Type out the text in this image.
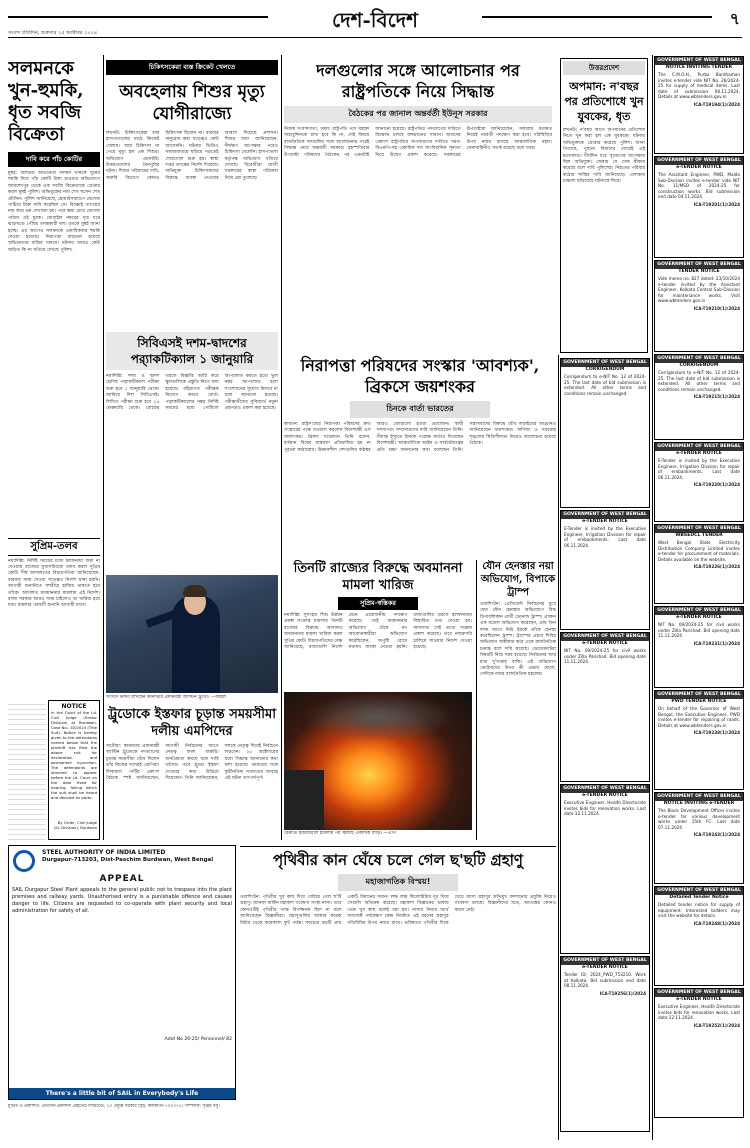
দেশ-বিদেশ	৭
সংবাদ প্রতিদিন, শুক্রবার ২৫ অক্টোবর ২০২৪
সলমনকে খুন-হুমকি, ধৃত সবজি বিক্রেতা
দাবি করে পাঁচ কোটির
মুম্বই: বলিউড অভিনেতা সলমন খানকে খুনের হুমকি দিয়ে পাঁচ কোটি টাকা চাওয়ার অভিযোগে জামশেদপুর থেকে এক সবজি বিক্রেতাকে গ্রেপ্তার করল মুম্বই পুলিশ। অভিযুক্তের নাম শেখ হুসেন শেখ মৌসিন। পুলিশ জানিয়েছে, হোয়াটসঅ্যাপে মেসেজ পাঠিয়ে টাকা দাবি করেছিল সে। বিষ্ণোই গ্যাংয়ের নাম করে ভয় দেখানো হয়। পরে ক্ষমা চেয়ে মেসেজ পাঠায় ওই যুবক। মোবাইল নম্বরের সূত্র ধরে ঝাড়খণ্ডে পৌঁছয় তদন্তকারী দল। ধৃতকে মুম্বই আনা হচ্ছে। এর আগেও সলমনকে একাধিকবার হুমকি দেওয়া হয়েছে। নিরাপত্তা বাড়ানো হয়েছে অভিনেতার বাড়ির সামনে। ঘটনায় আরও কেউ জড়িত কি না খতিয়ে দেখছে পুলিশ।
সুপ্রিম-তলব
নয়াদিল্লি: নির্দিষ্ট সময়ের মধ্যে হলফনামা জমা না দেওয়ায় রাজ্যের মুখ্যসচিবকে তলব করল সুপ্রিম কোর্ট। শীর্ষ আদালতের বিচারপতিরা জানিয়েছেন, বারবার সময় দেওয়া সত্ত্বেও নির্দেশ মানা হয়নি। আগামী শুনানিতে সশরীরে হাজির থাকতে হবে তাঁকে। আদালত অবমাননার মামলায় এই নির্দেশ। রাজ্য সরকার আরও সময় চাইলেও তা খারিজ হয়ে যায়। মামলার পরবর্তী শুনানি আগামী মাসে।
NOTICE
In the Court of the Ld. Civil Judge (Senior Division) at Burdwan. Case No.: 45/2024 (Title Suit). Notice is hereby given to the defendants named below that the plaintiff has filed the above suit for declaration and permanent injunction. The defendants are directed to appear before the Ld. Court on the date fixed for hearing, failing which the suit shall be heard and decided ex parte.
By Order, Civil Judge (Sr. Division), Burdwan
STEEL AUTHORITY OF INDIA LIMITED
Durgapur-713203, Dist-Paschim Burdwan, West Bengal
APPEAL
SAIL Durgapur Steel Plant appeals to the general public not to trespass into the plant premises and railway yards. Unauthorised entry is a punishable offence and causes danger to life. Citizens are requested to co-operate with plant security and local administration for safety of all.
Advt No 26-25/ Personnel/ 82
There's a little bit of SAIL in Everybody's Life
চিকিৎসকেরা ব্যস্ত ক্রিকেট খেলতে
অবহেলায় শিশুর মৃত্যু যোগীরাজ্যে
লখনউ: চিকিৎসকেরা ব্যস্ত হাসপাতালের মাঠে ক্রিকেট খেলায়। আর চিকিৎসা না পেয়ে মৃত্যু হল এক শিশুর। অভিযোগ এমনটাই। উত্তরপ্রদেশের মৈনপুরির ঘটনা। শিশুর পরিবারের দাবি, জরুরি বিভাগে কোনও চিকিৎসক ছিলেন না। বারবার অনুরোধ করা সত্ত্বেও কেউ আসেননি। ঘটনার ভিডিও সমাজমাধ্যমে ছড়িয়ে পড়তেই শোরগোল শুরু হয়। স্বাস্থ্য দপ্তর তদন্তের নির্দেশ দিয়েছে। অভিযুক্ত চিকিৎসকদের বিরুদ্ধে ব্যবস্থা নেওয়ার আশ্বাস দিয়েছে প্রশাসন। শিশুর বাবা জানিয়েছেন, দীর্ঘক্ষণ অপেক্ষার পরেও চিকিৎসা মেলেনি। হাসপাতাল কর্তৃপক্ষ অভিযোগ খতিয়ে দেখছে। বিরোধীরা যোগী সরকারের স্বাস্থ্য পরিষেবা নিয়ে প্রশ্ন তুলেছে।
সিবিএসই দশম-দ্বাদশের প্র‍্যাকটিক্যাল ১ জানুয়ারি
নয়াদিল্লি: দশম ও দ্বাদশ শ্রেণির প্র‍্যাকটিক্যাল পরীক্ষা শুরু হবে ১ জানুয়ারি থেকে। জানিয়ে দিল সিবিএসই। লিখিত পরীক্ষা শুরু হবে ১৫ ফেব্রুয়ারি থেকে। বোর্ডের তরফে বিজ্ঞপ্তি জারি করে স্কুলগুলিকে প্রস্তুতি নিতে বলা হয়েছে। বহিরাগত পরীক্ষক নিয়োগ করবে বোর্ড। প্র‍্যাকটিক্যালের নম্বর নির্দিষ্ট সময়ের মধ্যে পোর্টালে আপলোড করতে হবে। ভুল নম্বর আপলোড হলে সংশোধনের সুযোগ মিলবে না বলে জানানো হয়েছে। পরীক্ষার্থীদের সুবিধার্থে নমুনা প্রশ্নপত্রও প্রকাশ করা হয়েছে।
সংসদে ভাষণ রাখছেন কানাডার প্রধানমন্ত্রী জাস্টিন ট্রুডো। —ফাইল
ট্রুডোকে ইস্তফার চূড়ান্ত সময়সীমা দলীয় এমপিদের
অটোয়া: কানাডার প্রধানমন্ত্রী জাস্টিন ট্রুডোকে পদত্যাগের চূড়ান্ত সময়সীমা বেঁধে দিলেন তাঁর নিজের দলেরই এমপিরা। লিবারাল পার্টির একাংশ বৈঠকে স্পষ্ট জানিয়েছেন, আগামী নির্বাচনের আগে নেতৃত্ব বদল জরুরি। জনপ্রিয়তা কমছে বলে দাবি তাঁদের। তবে ট্রুডো ইস্তফা দেওয়ার কথা উড়িয়ে দিয়েছেন। তিনি জানিয়েছেন, দলকে নেতৃত্ব দিয়েই নির্বাচনে লড়বেন। ২৮ অক্টোবরের মধ্যে সিদ্ধান্ত জানানোর কথা বলা হয়েছে। ভারতের সঙ্গে কূটনৈতিক সংঘাতের আবহে এই ঘটনা তাৎপর্যপূর্ণ।
দলগুলোর সঙ্গে আলোচনার পর রাষ্ট্রপতিকে নিয়ে সিদ্ধান্ত
বৈঠকের পর জানাল অন্তর্বর্তী ইউনূস সরকার
নিজস্ব সংবাদদাতা, ঢাকা: রাষ্ট্রপতি পদে মহম্মদ সাহাবুদ্দিনকে রাখা হবে কি না, সেই বিষয়ে রাজনৈতিক দলগুলির সঙ্গে আলোচনার পরেই সিদ্ধান্ত নেবে অন্তর্বর্তী সরকার। বৃহস্পতিবার উপদেষ্টা পরিষদের বৈঠকের পর এমনটাই জানানো হয়েছে। রাষ্ট্রপতির পদত্যাগের দাবিতে বিক্ষোভ চলছে বঙ্গভবনের সামনে। ছাত্রদের একাংশ রাষ্ট্রপতির অপসারণের দাবিতে সরব। বিএনপি-সহ একাধিক দল সাংবিধানিক শূন্যতা নিয়ে উদ্বেগ প্রকাশ করেছে। সরকারের উপদেষ্টারা জানিয়েছেন, সকলের মতামত নিয়েই পরবর্তী পদক্ষেপ করা হবে। পরিস্থিতির উপর নজর রাখছে আন্তর্জাতিক মহল। সেনাবাহিনীও সতর্ক রয়েছে বলে খবর।
উত্তরপ্রদেশ
অপমান: ন'বছর পর প্রতিশোধে খুন যুবকের, ধৃত
লখনউ: ন'বছর আগে অপমানের প্রতিশোধ নিতে খুন করা হল এক যুবককে। ঘটনায় অভিযুক্তকে গ্রেপ্তার করেছে পুলিশ। জানা গিয়েছে, পুরনো বিবাদের জেরেই এই হত্যাকাণ্ড। দীর্ঘদিন ধরে সুযোগের অপেক্ষায় ছিল অভিযুক্ত। জেরায় সে দোষ স্বীকার করেছে বলে দাবি পুলিশের। নিহতের পরিবার কঠোর শাস্তির দাবি জানিয়েছে। এলাকায় চাঞ্চল্য ছড়িয়েছে ঘটনাকে ঘিরে।
নিরাপত্তা পরিষদের সংস্কার 'আবশ্যক', ব্রিকসে জয়শংকর
চিনকে বার্তা ভারতের
কাজান: রাষ্ট্রসংঘের নিরাপত্তা পরিষদের দ্রুত সংস্কারের পক্ষে সওয়াল করলেন বিদেশমন্ত্রী এস জয়শংকর। ব্রিকস সম্মেলনে তিনি বলেন, বর্তমান বিশ্বের বাস্তবতা প্রতিফলিত হয় না পুরনো কাঠামোয়। উন্নয়নশীল দেশগুলির কণ্ঠস্বর আরও জোরালো হওয়া প্রয়োজন। স্থায়ী সদস্যপদে সম্প্রসারণের দাবি জানিয়েছেন তিনি। সীমান্ত ইস্যুতে চিনকে পরোক্ষ বার্তাও দিয়েছেন বিদেশমন্ত্রী। আন্তর্জাতিক আইন ও সার্বভৌমত্বের প্রতি শ্রদ্ধা জানানোর কথা বলেছেন তিনি। সন্ত্রাসবাদের বিরুদ্ধে যৌথ লড়াইয়ের আহ্বানও জানিয়েছেন জয়শংকর। বাণিজ্য ও সরবরাহ শৃঙ্খলের স্থিতিশীলতা নিয়েও আলোচনা হয়েছে বৈঠকে।
তিনটি রাজ্যের বিরুদ্ধে অবমাননা মামলা খারিজ
সুপ্রিম-স্বস্তিকর
নয়াদিল্লি: সুসংহত শিশু উন্নয়ন প্রকল্প সংক্রান্ত মামলায় তিনটি রাজ্যের বিরুদ্ধে আদালত অবমাননার মামলা খারিজ করল সুপ্রিম কোর্ট। বিচারপতিদের বেঞ্চ জানিয়েছে, রাজ্যগুলি নির্দেশ মেনে প্রয়োজনীয় পদক্ষেপ করেছে। তাই অবমাননার অভিযোগ টেকে না। আবেদনকারীরা অভিযোগ করেছিলেন, অপুষ্টি রোধে যথাযথ ব্যবস্থা নেওয়া হয়নি। রাজ্যগুলির তরফে হলফনামায় বিস্তারিত তথ্য দেওয়া হয়। আদালত সেই তথ্যে সন্তোষ প্রকাশ করেছে। তবে নজরদারি চালিয়ে যাওয়ার নির্দেশ দেওয়া হয়েছে।
যৌন হেনস্তার নয়া অভিযোগ, বিপাকে ট্রাম্প
ওয়াশিংটন: প্রেসিডেন্ট নির্বাচনের মুখে ফের যৌন হেনস্তার অভিযোগে বিদ্ধ রিপাবলিকান প্রার্থী ডোনাল্ড ট্রাম্প। প্রাক্তন এক মডেল অভিযোগ করেছেন, প্রায় তিন দশক আগে নিউ ইয়র্কে তাঁকে হেনস্তা করেছিলেন ট্রাম্প। ট্রাম্পের প্রচার শিবির অভিযোগ অস্বীকার করে একে রাজনৈতিক চক্রান্ত বলে দাবি করেছে। ডেমোক্র্যাটরা বিষয়টি নিয়ে সরব হয়েছে। নির্বাচনের আর মাত্র দু'সপ্তাহ বাকি। এই অভিযোগ ভোটারদের উপর কী প্রভাব ফেলে, সেদিকে নজর রাজনৈতিক মহলের।
বৈরুতে ইজরায়েলি হামলার পর জ্বলছে একাধিক বাড়ি। —এপি
পৃথিবীর কান ঘেঁষে চলে গেল ছ'ছটি গ্রহাণু
মহাজাগতিক বিস্ময়!
ওয়াশিংটন: পৃথিবীর খুব কাছ দিয়ে বেরিয়ে গেল ছ'টি গ্রহাণু। জানাল মার্কিন মহাকাশ গবেষণা সংস্থা নাসা। তবে কোনওটিই পৃথিবীর পক্ষে বিপজ্জনক ছিল না বলে জানিয়েছেন বিজ্ঞানীরা। গ্রহাণুগুলির আকার কয়েক মিটার থেকে কয়েকশো ফুট পর্যন্ত। সবচেয়ে বড়টি প্রায় একটি বিমানের সমান। লক্ষ লক্ষ কিলোমিটার দূর দিয়ে সেগুলি অতিক্রম করেছে। মহাকাশ বিজ্ঞানের ভাষায় একে খুব কাছ বলেই ধরা হয়। নাসার নিয়ার আর্থ অবজেক্ট পর্যবেক্ষণ কেন্দ্র নিয়মিত এই ধরনের গ্রহাণুর গতিবিধির উপর নজর রাখে। ভবিষ্যতে পৃথিবীর দিকে ধেয়ে আসা গ্রহাণুর অভিমুখ বদলানোর প্রযুক্তি নিয়েও গবেষণা চলছে। বিজ্ঞানীদের মতে, আতঙ্কের কোনও কারণ নেই।
মুদ্রিত ও প্রকাশিত: প্রতিদিন প্রকাশনী প্রাইভেট লিমিটেড, ২০ প্রফুল্ল সরকার স্ট্রিট, কলকাতা-৭০০০৭২। সম্পাদক: সৃঞ্জয় বসু।
GOVERNMENT OF WEST BENGAL
NOTICE INVITING TENDER
The C.M.O.H., Purba Bardhaman invites e-tender vide NIT No. 26/2024-25 for supply of medical items. Last date of submission 08.11.2024. Details at www.wbtenders.gov.in
ICA-T19194(1)/2024
GOVERNMENT OF WEST BENGAL
e-TENDER NOTICE
The Assistant Engineer, PWD, Malda Sub-Division invites e-tender vide NIT No. 11/MSD of 2024-25 for construction works. Bid submission end date 04.11.2024.
ICA-T19201(1)/2024
GOVERNMENT OF WEST BENGAL
TENDER NOTICE
Vide memo no. 827 dated: 23/10/2024 e-tender invited by the Assistant Engineer, Kolkata Central Sub-Division for maintenance works. Visit www.wbtenders.gov.in
ICA-T19210(1)/2024
GOVERNMENT OF WEST BENGAL
CORRIGENDUM
Corrigendum to e-NIT No. 12 of 2024-25. The last date of bid submission is extended. All other terms and conditions remain unchanged.
ICA-T19215(1)/2024
GOVERNMENT OF WEST BENGAL
e-TENDER NOTICE
E-Tender is invited by the Executive Engineer, Irrigation Division for repair of embankments. Last date 06.11.2024.
ICA-T19220(1)/2024
GOVERNMENT OF WEST BENGAL
WBSEDCL TENDER
West Bengal State Electricity Distribution Company Limited invites e-tender for procurement of materials. Details available on the website.
ICA-T19226(1)/2024
GOVERNMENT OF WEST BENGAL
e-TENDER NOTICE
NIT No. 09/2024-25 for civil works under Zilla Parishad. Bid opening date 11.11.2024.
ICA-T19231(1)/2024
GOVERNMENT OF WEST BENGAL
PWD TENDER NOTICE
On behalf of the Governor of West Bengal, the Executive Engineer, PWD invites e-tender for repairing of roads. Details at www.wbtenders.gov.in
ICA-T19238(1)/2024
GOVERNMENT OF WEST BENGAL
NOTICE INVITING e-TENDER
The Block Development Officer invites e-tender for various development works under 15th FC. Last date 07.11.2024.
ICA-T19243(1)/2024
GOVERNMENT OF WEST BENGAL
Detailed Tender Notice
Detailed tender notice for supply of equipment. Interested bidders may visit the website for details.
ICA-T19248(1)/2024
GOVERNMENT OF WEST BENGAL
e-TENDER NOTICE
Executive Engineer, Health Directorate invites bids for renovation works. Last date 12.11.2024.
ICA-T19252(1)/2024
GOVERNMENT OF WEST BENGAL
CORRIGENDUM
Corrigendum to e-NIT No. 12 of 2024-25. The last date of bid submission is extended. All other terms and conditions remain unchanged.
GOVERNMENT OF WEST BENGAL
e-TENDER NOTICE
E-Tender is invited by the Executive Engineer, Irrigation Division for repair of embankments. Last date 06.11.2024.
GOVERNMENT OF WEST BENGAL
e-TENDER NOTICE
NIT No. 09/2024-25 for civil works under Zilla Parishad. Bid opening date 11.11.2024.
GOVERNMENT OF WEST BENGAL
e-TENDER NOTICE
Executive Engineer, Health Directorate invites bids for renovation works. Last date 12.11.2024.
GOVERNMENT OF WEST BENGAL
e-TENDER NOTICE
Tender ID: 2024_PWD_753210. Work at Kolkata. Bid submission end date 08.11.2024.
ICA-T19256(1)/2024
